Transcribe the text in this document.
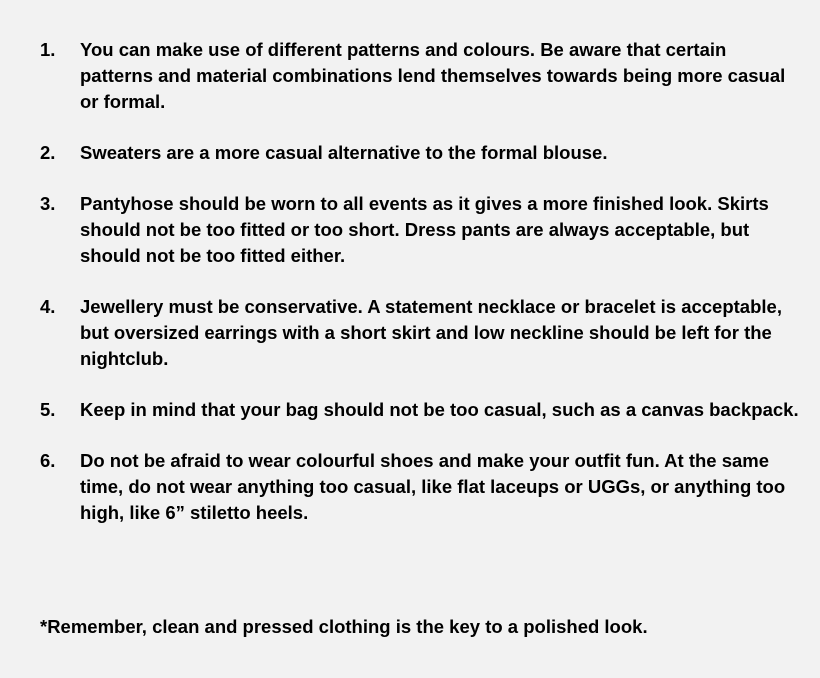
1.	You can make use of different patterns and colours. Be aware that certain patterns and material combinations lend themselves towards being more casual or formal.
2.	Sweaters are a more casual alternative to the formal blouse.
3.	Pantyhose should be worn to all events as it gives a more finished look. Skirts should not be too fitted or too short. Dress pants are always acceptable, but should not be too fitted either.
4.	Jewellery must be conservative. A statement necklace or bracelet is acceptable, but oversized earrings with a short skirt and low neckline should be left for the nightclub.
5.	Keep in mind that your bag should not be too casual, such as a canvas backpack.
6.	Do not be afraid to wear colourful shoes and make your outfit fun. At the same time, do not wear anything too casual, like flat laceups or UGGs, or anything too high, like 6” stiletto heels.

*Remember, clean and pressed clothing is the key to a polished look.
